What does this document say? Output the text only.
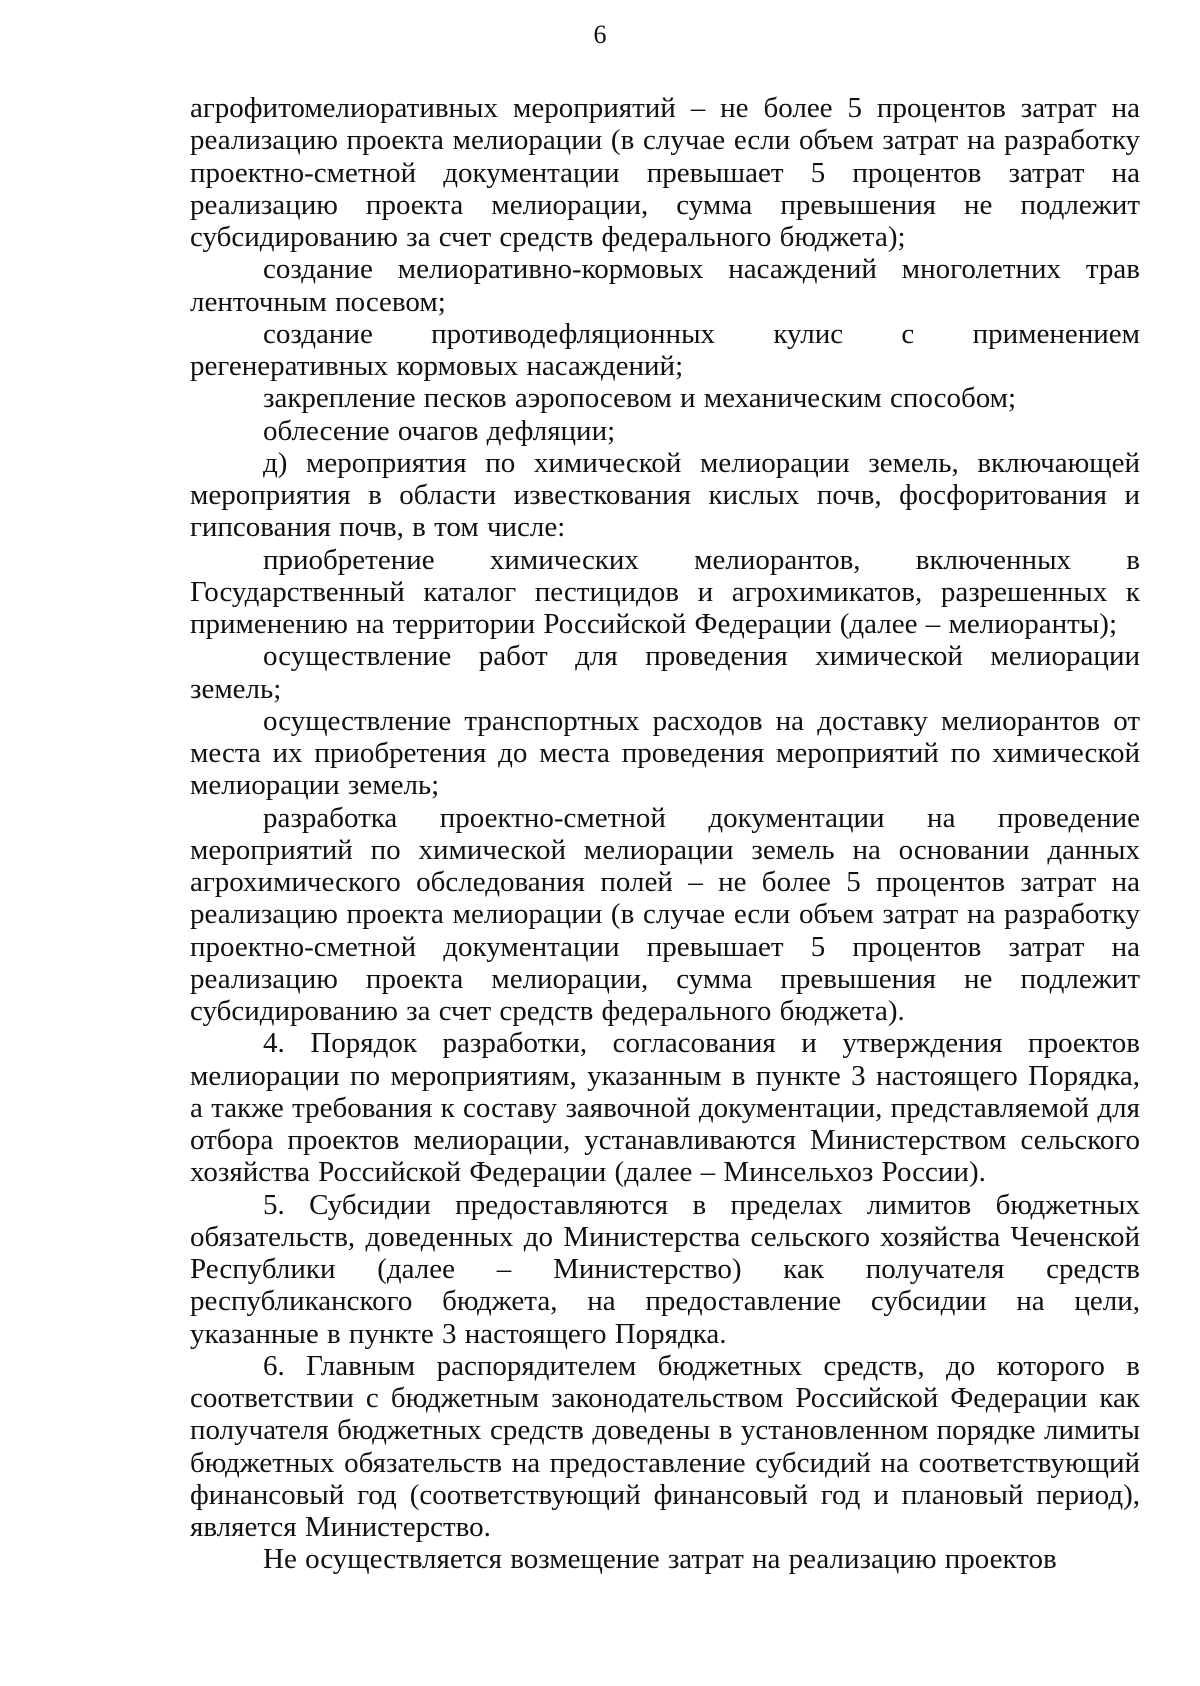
6

агрофитомелиоративных мероприятий – не более 5 процентов затрат на реализацию проекта мелиорации (в случае если объем затрат на разработку проектно-сметной документации превышает 5 процентов затрат на реализацию проекта мелиорации, сумма превышения не подлежит субсидированию за счет средств федерального бюджета);

создание мелиоративно-кормовых насаждений многолетних трав ленточным посевом;

создание противодефляционных кулис с применением регенеративных кормовых насаждений;

закрепление песков аэропосевом и механическим способом;

облесение очагов дефляции;

д) мероприятия по химической мелиорации земель, включающей мероприятия в области известкования кислых почв, фосфоритования и гипсования почв, в том числе:

приобретение химических мелиорантов, включенных в Государственный каталог пестицидов и агрохимикатов, разрешенных к применению на территории Российской Федерации (далее – мелиоранты);

осуществление работ для проведения химической мелиорации земель;

осуществление транспортных расходов на доставку мелиорантов от места их приобретения до места проведения мероприятий по химической мелиорации земель;

разработка проектно-сметной документации на проведение мероприятий по химической мелиорации земель на основании данных агрохимического обследования полей – не более 5 процентов затрат на реализацию проекта мелиорации (в случае если объем затрат на разработку проектно-сметной документации превышает 5 процентов затрат на реализацию проекта мелиорации, сумма превышения не подлежит субсидированию за счет средств федерального бюджета).

4. Порядок разработки, согласования и утверждения проектов мелиорации по мероприятиям, указанным в пункте 3 настоящего Порядка, а также требования к составу заявочной документации, представляемой для отбора проектов мелиорации, устанавливаются Министерством сельского хозяйства Российской Федерации (далее – Минсельхоз России).

5. Субсидии предоставляются в пределах лимитов бюджетных обязательств, доведенных до Министерства сельского хозяйства Чеченской Республики (далее – Министерство) как получателя средств республиканского бюджета, на предоставление субсидии на цели, указанные в пункте 3 настоящего Порядка.

6. Главным распорядителем бюджетных средств, до которого в соответствии с бюджетным законодательством Российской Федерации как получателя бюджетных средств доведены в установленном порядке лимиты бюджетных обязательств на предоставление субсидий на соответствующий финансовый год (соответствующий финансовый год и плановый период), является Министерство.

Не осуществляется возмещение затрат на реализацию проектов
